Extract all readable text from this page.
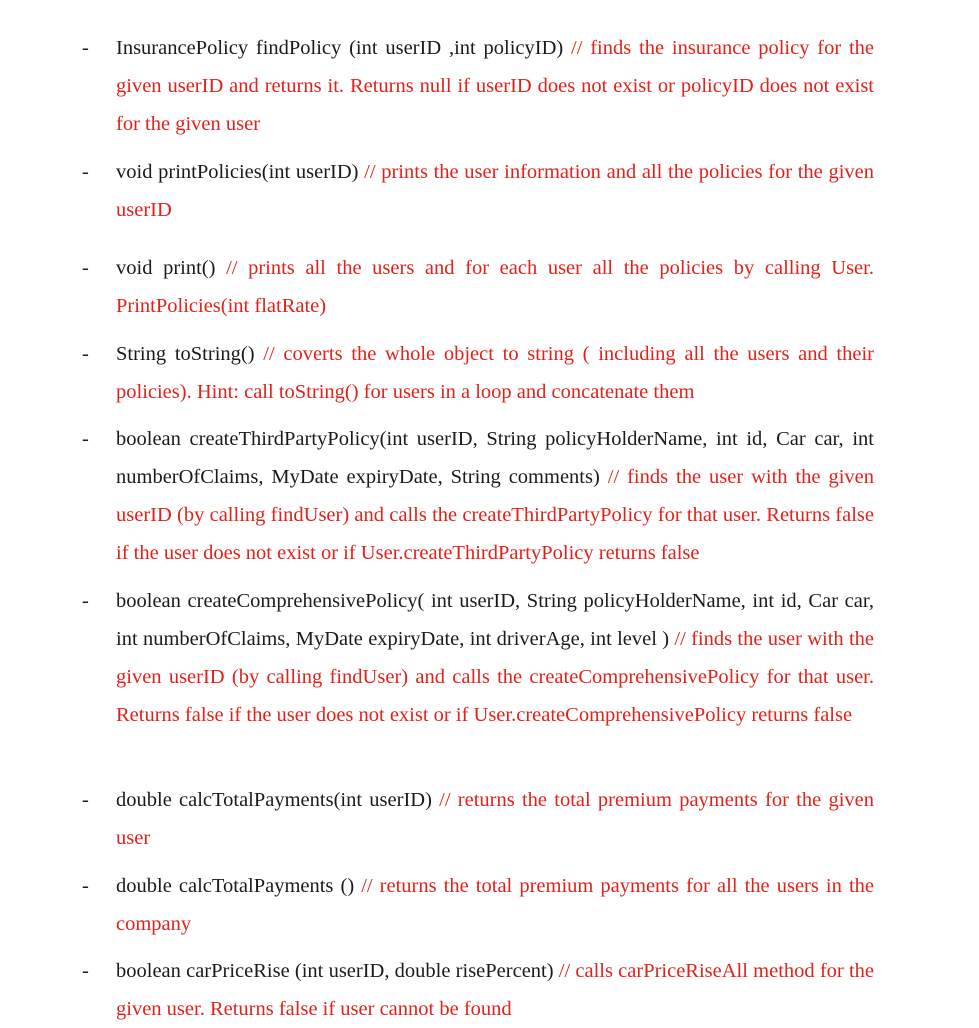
- InsurancePolicy findPolicy (int userID ,int policyID) // finds the insurance policy for the given userID and returns it. Returns null if userID does not exist or policyID does not exist for the given user
- void printPolicies(int userID) // prints the user information and all the policies for the given userID
- void print() // prints all the users and for each user all the policies by calling User. PrintPolicies(int flatRate)
- String toString() // coverts the whole object to string ( including all the users and their policies). Hint: call toString() for users in a loop and concatenate them
- boolean createThirdPartyPolicy(int userID, String policyHolderName, int id, Car car, int numberOfClaims, MyDate expiryDate, String comments) // finds the user with the given userID (by calling findUser) and calls the createThirdPartyPolicy for that user. Returns false if the user does not exist or if User.createThirdPartyPolicy returns false
- boolean createComprehensivePolicy( int userID, String policyHolderName, int id, Car car, int numberOfClaims, MyDate expiryDate, int driverAge, int level ) // finds the user with the given userID (by calling findUser) and calls the createComprehensivePolicy for that user. Returns false if the user does not exist or if User.createComprehensivePolicy returns false
- double calcTotalPayments(int userID) // returns the total premium payments for the given user
- double calcTotalPayments () // returns the total premium payments for all the users in the company
- boolean carPriceRise (int userID, double risePercent) // calls carPriceRiseAll method for the given user. Returns false if user cannot be found
